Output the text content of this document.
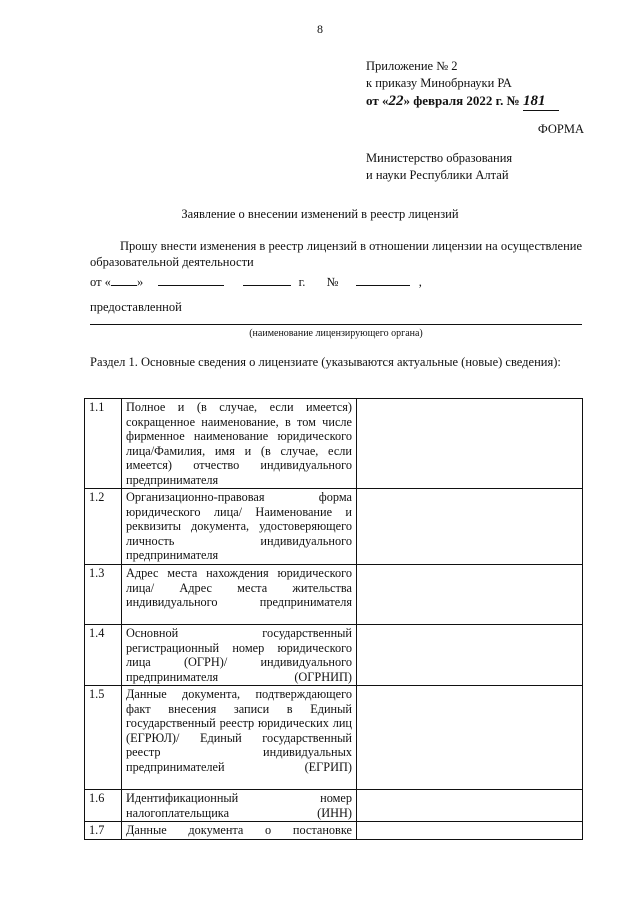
8
Приложение № 2
к приказу Минобрнауки РА
от «22» февраля 2022 г. № 181
ФОРМА
Министерство образования
и науки Республики Алтай
Заявление о внесении изменений в реестр лицензий
Прошу внести изменения в реестр лицензий в отношении лицензии на осуществление образовательной деятельности
от « »	г. №	,
предоставленной
(наименование лицензирующего органа)
Раздел 1. Основные сведения о лицензиате (указываются актуальные (новые) сведения):
1.1	Полное и (в случае, если имеется) сокращенное наименование, в том числе фирменное наименование юридического лица/Фамилия, имя и (в случае, если имеется) отчество индивидуального предпринимателя	
1.2	Организационно-правовая форма юридического лица/ Наименование и реквизиты документа, удостоверяющего личность индивидуального предпринимателя	
1.3	Адрес места нахождения юридического лица/ Адрес места жительства индивидуального предпринимателя	
1.4	Основной государственный регистрационный номер юридического лица (ОГРН)/ индивидуального предпринимателя (ОГРНИП)	
1.5	Данные документа, подтверждающего факт внесения записи в Единый государственный реестр юридических лиц (ЕГРЮЛ)/ Единый государственный реестр индивидуальных предпринимателей (ЕГРИП)	
1.6	Идентификационный номер налогоплательщика (ИНН)	
1.7	Данные документа о постановке	
